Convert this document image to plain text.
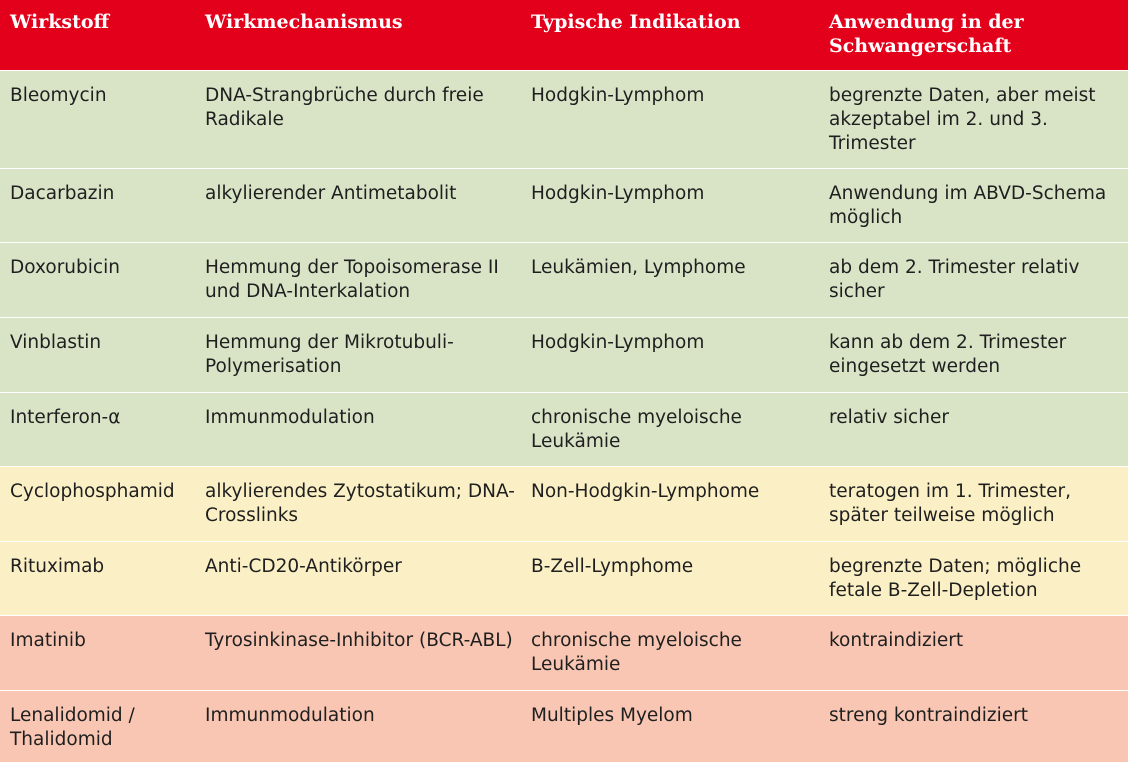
Wirkstoff	Wirkmechanismus	Typische Indikation	Anwendung in der Schwangerschaft
Bleomycin	DNA-Strangbrüche durch freie Radikale	Hodgkin-Lymphom	begrenzte Daten, aber meist akzeptabel im 2. und 3. Trimester
Dacarbazin	alkylierender Antimetabolit	Hodgkin-Lymphom	Anwendung im ABVD-Schema möglich
Doxorubicin	Hemmung der Topoisomerase II und DNA-Interkalation	Leukämien, Lymphome	ab dem 2. Trimester relativ sicher
Vinblastin	Hemmung der Mikrotubuli-Polymerisation	Hodgkin-Lymphom	kann ab dem 2. Trimester eingesetzt werden
Interferon-α	Immunmodulation	chronische myeloische Leukämie	relativ sicher
Cyclophosphamid	alkylierendes Zytostatikum; DNA-Crosslinks	Non-Hodgkin-Lymphome	teratogen im 1. Trimester, später teilweise möglich
Rituximab	Anti-CD20-Antikörper	B-Zell-Lymphome	begrenzte Daten; mögliche fetale B-Zell-Depletion
Imatinib	Tyrosinkinase-Inhibitor (BCR-ABL)	chronische myeloische Leukämie	kontraindiziert
Lenalidomid / Thalidomid	Immunmodulation	Multiples Myelom	streng kontraindiziert
